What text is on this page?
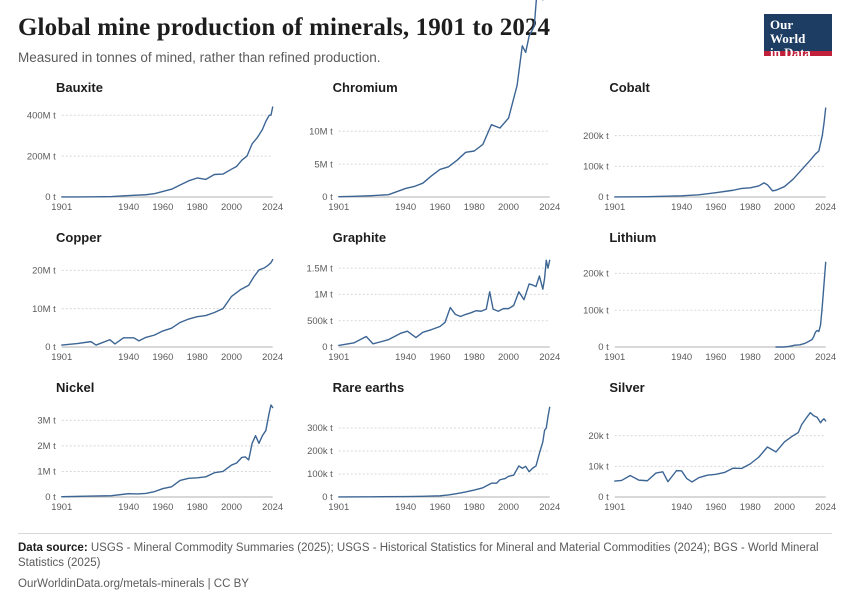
Global mine production of minerals, 1901 to 2024

Measured in tonnes of mined, rather than refined production.

Our World
in Data
Bauxite
0 t
200M t
400M t
1901	1940 1960 1980 2000 2024
Chromium
0 t
5M t
10M t
1901	1940 1960 1980 2000 2024
Cobalt
0 t
100k t
200k t
1901	1940 1960 1980 2000 2024
Copper
0 t
10M t
20M t
1901	1940 1960 1980 2000 2024
Graphite
0 t
500k t
1M t
1.5M t
1901	1940 1960 1980 2000 2024
Lithium
0 t
100k t
200k t
1901	1940 1960 1980 2000 2024
Nickel
0 t
1M t
2M t
3M t
1901	1940 1960 1980 2000 2024
Rare earths
0 t
100k t
200k t
300k t
1901	1940 1960 1980 2000 2024
Silver
0 t
10k t
20k t
1901	1940 1960 1980 2000 2024

Data source: USGS - Mineral Commodity Summaries (2025); USGS - Historical Statistics for Mineral and Material Commodities (2024); BGS - World Mineral Statistics (2025)

OurWorldinData.org/metals-minerals | CC BY
